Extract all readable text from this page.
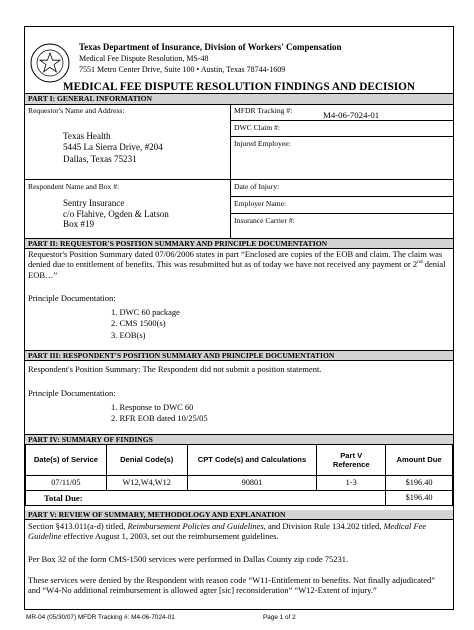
Texas Department of Insurance, Division of Workers' Compensation
Medical Fee Dispute Resolution, MS-48
7551 Metro Center Drive, Suite 100 • Austin, Texas 78744-1609
MEDICAL FEE DISPUTE RESOLUTION FINDINGS AND DECISION
PART I: GENERAL INFORMATION
Requestor's Name and Address:
Texas Health
5445 La Sierra Drive, #204
Dallas, Texas 75231
MFDR Tracking #:	M4-06-7024-01
DWC Claim #:
Injured Employee:
Respondent Name and Box #:
Sentry Insurance
c/o Flahive, Ogden & Latson
Box #19
Date of Injury:
Employer Name:
Insurance Carrier #:
PART II: REQUESTOR'S POSITION SUMMARY AND PRINCIPLE DOCUMENTATION
Requestor's Position Summary dated 07/06/2006 states in part “Enclosed are copies of the EOB and claim. The claim was
denied due to entitlement of benefits. This was resubmitted but as of today we have not received any payment or 2nd denial
EOB…”
Principle Documentation:
1. DWC 60 package
2. CMS 1500(s)
3. EOB(s)
PART III: RESPONDENT'S POSITION SUMMARY AND PRINCIPLE DOCUMENTATION
Respondent's Position Summary: The Respondent did not submit a position statement.
Principle Documentation:
1. Response to DWC 60
2. RFR EOB dated 10/25/05
PART IV: SUMMARY OF FINDINGS
Date(s) of Service	Denial Code(s)	CPT Code(s) and Calculations	Part V
Reference	Amount Due
07/11/05	W12,W4,W12	90801	1-3	$196.40
Total Due:				$196.40
PART V: REVIEW OF SUMMARY, METHODOLOGY AND EXPLANATION
Section §413.011(a-d) titled, Reimbursement Policies and Guidelines, and Division Rule 134.202 titled, Medical Fee
Guideline effective August 1, 2003, set out the reimbursement guidelines.
Per Box 32 of the form CMS-1500 services were performed in Dallas County zip code 75231.
These services were denied by the Respondent with reason code “W11-Entitlement to benefits. Not finally adjudicated”
and “W4-No additional reimbursement is allowed agter [sic] reconsideration” “W12-Extent of injury.”
MR-04 (05/30/07) MFDR Tracking #: M4-06-7024-01	Page 1 of 2
